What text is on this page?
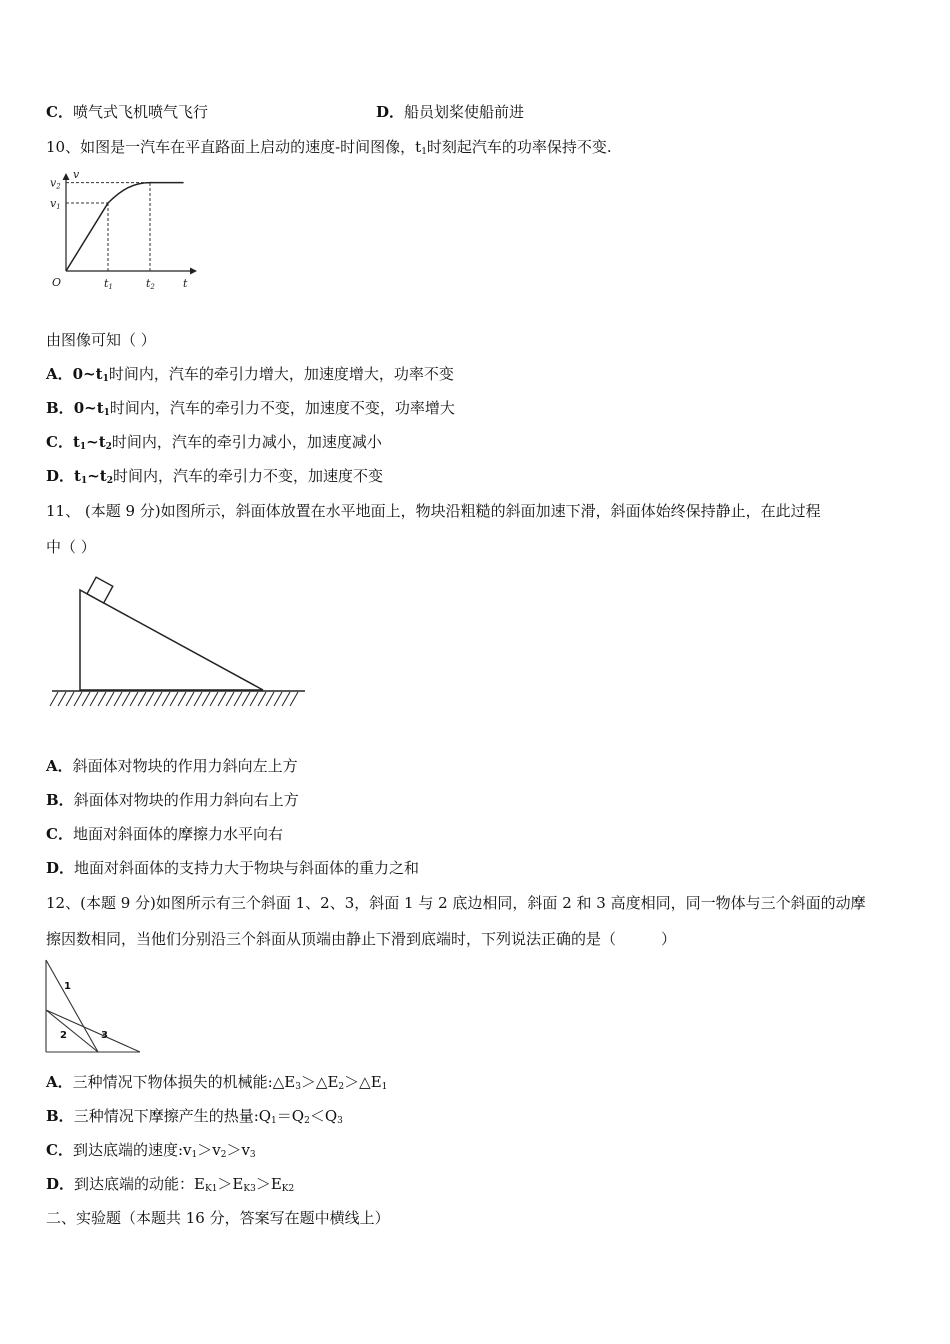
C．喷气式飞机喷气飞行	D．船员划桨使船前进
10、如图是一汽车在平直路面上启动的速度-时间图像，$t_1$时刻起汽车的功率保持不变.
v
t
O	t1
v1
t2
v2
由图像可知（ ）
A．$0\sim t_1$时间内，汽车的牵引力增大，加速度增大，功率不变
B．$0\sim t_1$时间内，汽车的牵引力不变，加速度不变，功率增大
C．$t_1\sim t_2$时间内，汽车的牵引力减小，加速度减小
D．$t_1\sim t_2$时间内，汽车的牵引力不变，加速度不变
11、 (本题 9 分)如图所示，斜面体放置在水平地面上，物块沿粗糙的斜面加速下滑，斜面体始终保持静止，在此过程
中（ ）
A．斜面体对物块的作用力斜向左上方
B．斜面体对物块的作用力斜向右上方
C．地面对斜面体的摩擦力水平向右
D．地面对斜面体的支持力大于物块与斜面体的重力之和
12、(本题 9 分)如图所示有三个斜面 1、2、3，斜面 1 与 2 底边相同，斜面 2 和 3 高度相同，同一物体与三个斜面的动摩
擦因数相同，当他们分别沿三个斜面从顶端由静止下滑到底端时，下列说法正确的是（　　　）
1
2	3
A．三种情况下物体损失的机械能$:\triangle E_3>\triangle E_2>\triangle E_1$
B．三种情况下摩擦产生的热量$:Q_1=Q_2<Q_3$
C．到达底端的速度$:v_1>v_2>v_3$
D．到达底端的动能：$E_{K1}>E_{K3}>E_{K2}$
二、实验题（本题共 16 分，答案写在题中横线上）
